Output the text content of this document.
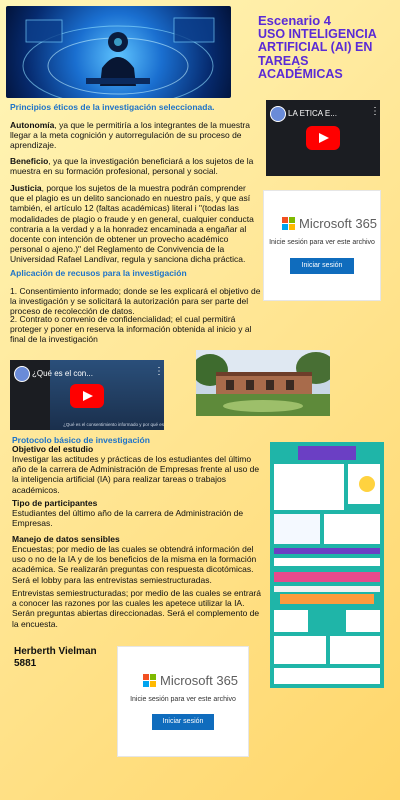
Escenario 4
USO INTELIGENCIA ARTIFICIAL (AI) EN TAREAS ACADÉMICAS
Principios éticos de la investigación seleccionada.
Autonomía, ya que le permitiría a los integrantes de la muestra llegar a la meta cognición y autorregulación de su proceso de aprendizaje.
Beneficio, ya que la investigación beneficiará a los sujetos de la muestra en su formación profesional, personal y social.
Justicia, porque los sujetos de la muestra podrán comprender que el plagio es un delito sancionado en nuestro país, y que así también, el artículo 12 (faltas académicas) literal i "(todas las modalidades de plagio o fraude y en general, cualquier conducta contraria a la verdad y a la honradez encaminada a engañar al docente con intención de obtener un provecho académico personal o ajeno.)" del Reglamento de Convivencia de la Universidad Rafael Landívar, regula y sanciona dicha práctica.
Aplicación de recusos para la investigación
1. Consentimiento informado; donde se les explicará el objetivo de la investigación y se solicitará la autorización para ser parte del proceso de recolección de datos.
2. Contrato o convenio de confidencialidad; el cual permitirá proteger y poner en reserva la información obtenida al inicio y al final de la investigación
LA ETICA E...	⋮
Microsoft 365
Inicie sesión para ver este archivo
Iniciar sesión
¿Qué es el con...	⋮
¿Qué es el consentimiento informado y por qué es
Protocolo básico de investigación
Objetivo del estudio
Investigar las actitudes y prácticas de los estudiantes del último año de la carrera de Administración de Empresas frente al uso de la inteligencia artificial (IA) para realizar tareas o trabajos académicos.
Tipo de participantes
Estudiantes del último año de la carrera de Administración de Empresas.
Manejo de datos sensibles
Encuestas; por medio de las cuales se obtendrá información del uso o no de la IA y de los beneficios de la misma en la formación académica. Se realizarán preguntas con respuesta dicotómicas. Será el lobby para las entrevistas semiestructuradas.
Entrevistas semiestructuradas; por medio de las cuales se entrará a conocer las razones por las cuales les apetece utilizar la IA. Serán preguntas abiertas direccionadas. Será el complemento de la encuesta.
Herberth Vielman
5881
Microsoft 365
Inicie sesión para ver este archivo
Iniciar sesión
